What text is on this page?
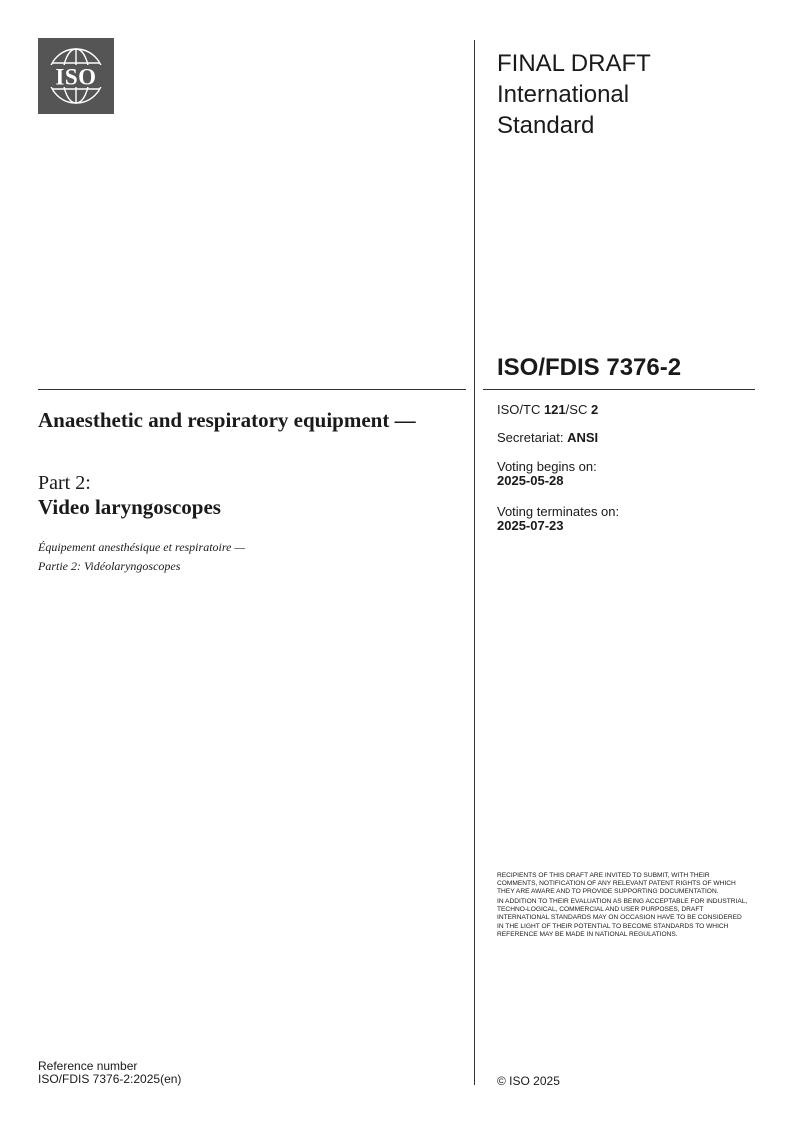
ISO	FINAL DRAFT
International
Standard
ISO/FDIS 7376-2
ISO/TC 121/SC 2
Secretariat: ANSI
Voting begins on:
2025-05-28
Voting terminates on:
2025-07-23
Anaesthetic and respiratory equipment —
Part 2:
Video laryngoscopes
Équipement anesthésique et respiratoire —
Partie 2: Vidéolaryngoscopes

RECIPIENTS OF THIS DRAFT ARE INVITED TO SUBMIT, WITH THEIR COMMENTS, NOTIFICATION OF ANY RELEVANT PATENT RIGHTS OF WHICH THEY ARE AWARE AND TO PROVIDE SUPPORTING DOCUMENTATION.

IN ADDITION TO THEIR EVALUATION AS BEING ACCEPTABLE FOR INDUSTRIAL, TECHNO-LOGICAL, COMMERCIAL AND USER PURPOSES, DRAFT INTERNATIONAL STANDARDS MAY ON OCCASION HAVE TO BE CONSIDERED IN THE LIGHT OF THEIR POTENTIAL TO BECOME STANDARDS TO WHICH REFERENCE MAY BE MADE IN NATIONAL REGULATIONS.

Reference number
ISO/FDIS 7376-2:2025(en)	© ISO 2025
